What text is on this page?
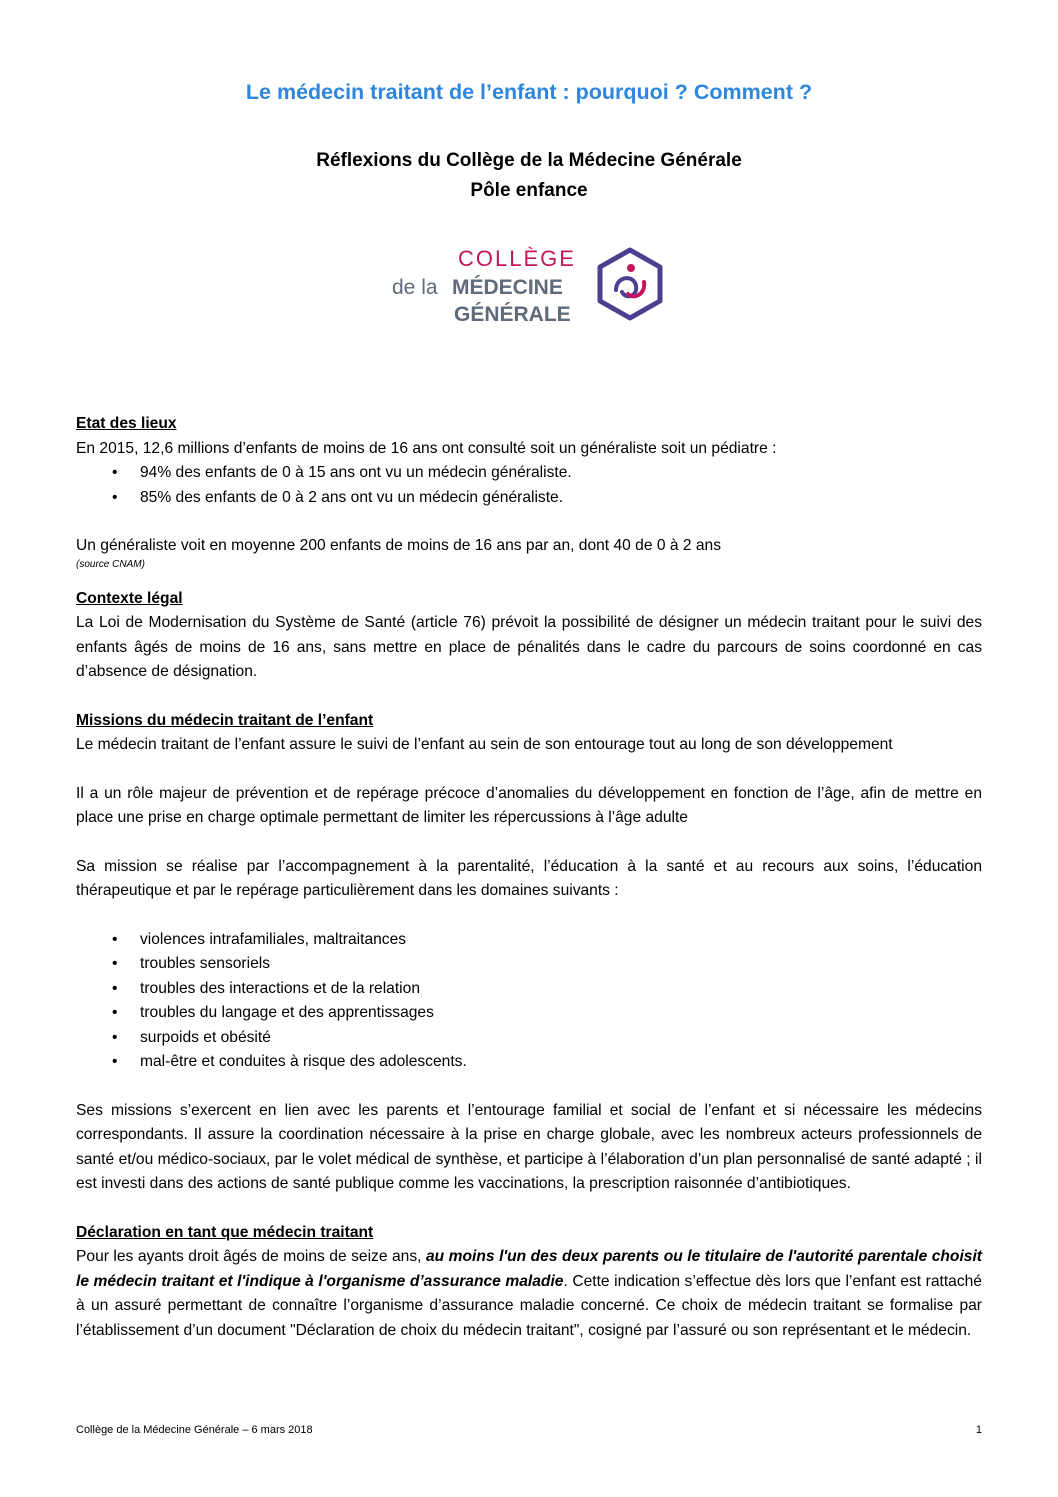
Le médecin traitant de l’enfant : pourquoi ? Comment ?
Réflexions du Collège de la Médecine Générale
Pôle enfance
COLLÈGE
de la MÉDECINE
GÉNÉRALE

Etat des lieux

En 2015, 12,6 millions d’enfants de moins de 16 ans ont consulté soit un généraliste soit un pédiatre :

• 94% des enfants de 0 à 15 ans ont vu un médecin généraliste.
• 85% des enfants de 0 à 2 ans ont vu un médecin généraliste.

Un généraliste voit en moyenne 200 enfants de moins de 16 ans par an, dont 40 de 0 à 2 ans

(source CNAM)

Contexte légal

La Loi de Modernisation du Système de Santé (article 76) prévoit la possibilité de désigner un médecin traitant pour le suivi des enfants âgés de moins de 16 ans, sans mettre en place de pénalités dans le cadre du parcours de soins coordonné en cas d’absence de désignation.

Missions du médecin traitant de l’enfant

Le médecin traitant de l’enfant assure le suivi de l’enfant au sein de son entourage tout au long de son développement

Il a un rôle majeur de prévention et de repérage précoce d’anomalies du développement en fonction de l’âge, afin de mettre en place une prise en charge optimale permettant de limiter les répercussions à l’âge adulte

Sa mission se réalise par l’accompagnement à la parentalité, l’éducation à la santé et au recours aux soins, l’éducation thérapeutique et par le repérage particulièrement dans les domaines suivants :

• violences intrafamiliales, maltraitances
• troubles sensoriels
• troubles des interactions et de la relation
• troubles du langage et des apprentissages
• surpoids et obésité
• mal-être et conduites à risque des adolescents.

Ses missions s’exercent en lien avec les parents et l’entourage familial et social de l’enfant et si nécessaire les médecins correspondants. Il assure la coordination nécessaire à la prise en charge globale, avec les nombreux acteurs professionnels de santé et/ou médico-sociaux, par le volet médical de synthèse, et participe à l’élaboration d’un plan personnalisé de santé adapté ; il est investi dans des actions de santé publique comme les vaccinations, la prescription raisonnée d’antibiotiques.

Déclaration en tant que médecin traitant

Pour les ayants droit âgés de moins de seize ans, au moins l'un des deux parents ou le titulaire de l'autorité parentale choisit le médecin traitant et l'indique à l'organisme d’assurance maladie. Cette indication s’effectue dès lors que l’enfant est rattaché à un assuré permettant de connaître l’organisme d’assurance maladie concerné. Ce choix de médecin traitant se formalise par l’établissement d’un document "Déclaration de choix du médecin traitant", cosigné par l’assuré ou son représentant et le médecin.

Collège de la Médecine Générale – 6 mars 2018	1
